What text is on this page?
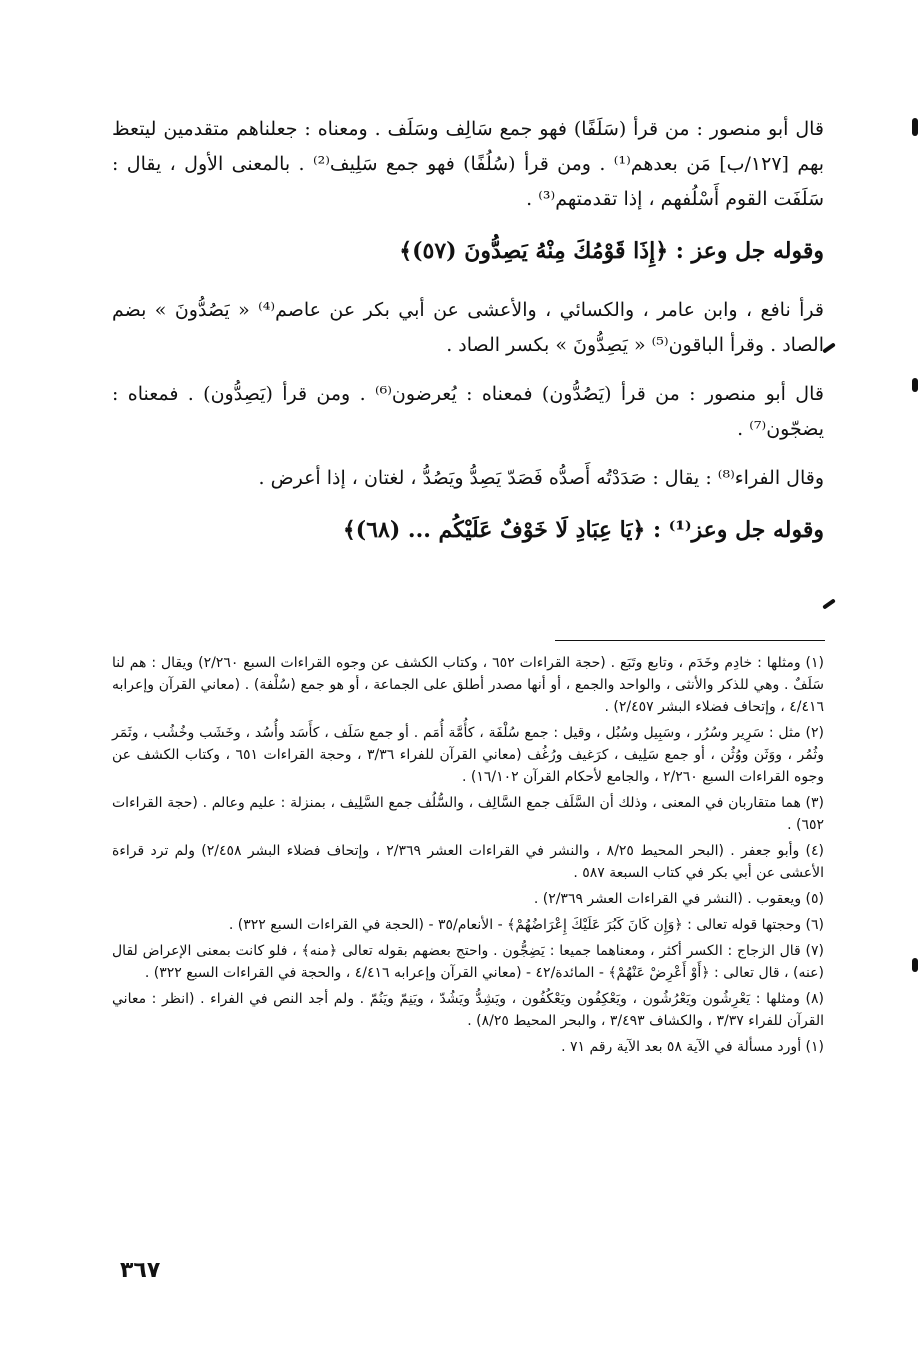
قال أبو منصور : من قرأ (سَلَفًا) فهو جمع سَالِف وسَلَف . ومعناه : جعلناهم متقدمين ليتعظ بهم [١٢٧/ب] مَن بعدهم⁽¹⁾ . ومن قرأ (سُلُفًا) فهو جمع سَلِيف⁽²⁾ . بالمعنى الأول ، يقال : سَلَفَت القوم أَسْلُفهم ، إذا تقدمتهم⁽³⁾ .

وقوله جل وعز : ﴿إِذَا قَوْمُكَ مِنْهُ يَصِدُّونَ (٥٧)﴾

قرأ نافع ، وابن عامر ، والكسائي ، والأعشى عن أبي بكر عن عاصم⁽⁴⁾ « يَصُدُّونَ » بضم الصاد . وقرأ الباقون⁽⁵⁾ « يَصِدُّونَ » بكسر الصاد .

قال أبو منصور : من قرأ (يَصُدُّون) فمعناه : يُعرضون⁽⁶⁾ . ومن قرأ (يَصِدُّون) . فمعناه : يضجّون⁽⁷⁾ .

وقال الفراء⁽⁸⁾ : يقال : صَدَدْتُه أَصدُّه فَصَدّ يَصِدُّ ويَصُدُّ ، لغتان ، إذا أعرض .

وقوله جل وعز⁽¹⁾ : ﴿يَا عِبَادِ لَا خَوْفٌ عَلَيْكُم ... (٦٨)﴾

(١) ومثلها : خادِم وخَدَم ، وتابع وتَبَع . (حجة القراءات ٦٥٢ ، وكتاب الكشف عن وجوه القراءات السبع ٢/٢٦٠) ويقال : هم لنا سَلَفٌ . وهي للذكر والأنثى ، والواحد والجمع ، أو أنها مصدر أطلق على الجماعة ، أو هو جمع (سُلْفة) . (معاني القرآن وإعرابه ٤/٤١٦ ، وإتحاف فضلاء البشر ٢/٤٥٧) .

(٢) مثل : سَرِير وسُرُر ، وسَبِيل وسُبُل ، وقيل : جمع سُلْفَة ، كأُمَّة أُمَم . أو جمع سَلَف ، كأَسَد وأُسُد ، وخَشَب وخُشُب ، وثَمَر وثُمُر ، ووَثَن ووُثُن ، أو جمع سَلِيف ، كرَغيف ورُغُف (معاني القرآن للفراء ٣/٣٦ ، وحجة القراءات ٦٥١ ، وكتاب الكشف عن وجوه القراءات السبع ٢/٢٦٠ ، والجامع لأحكام القرآن ١٦/١٠٢) .

(٣) هما متقاربان في المعنى ، وذلك أن السَّلَف جمع السَّالِف ، والسُّلُف جمع السَّلِيف ، بمنزلة : عليم وعالم . (حجة القراءات ٦٥٢) .

(٤) وأبو جعفر . (البحر المحيط ٨/٢٥ ، والنشر في القراءات العشر ٢/٣٦٩ ، وإتحاف فضلاء البشر ٢/٤٥٨) ولم ترد قراءة الأعشى عن أبي بكر في كتاب السبعة ٥٨٧ .

(٥) ويعقوب . (النشر في القراءات العشر ٢/٣٦٩) .

(٦) وحجتها قوله تعالى : ﴿وَإِن كَانَ كَبُرَ عَلَيْكَ إِعْرَاضُهُمْ﴾ - الأنعام/٣٥ - (الحجة في القراءات السبع ٣٢٢) .

(٧) قال الزجاج : الكسر أكثر ، ومعناهما جميعا : يَضِجُّون . واحتج بعضهم بقوله تعالى ﴿منه﴾ ، فلو كانت بمعنى الإعراض لقال (عنه) ، قال تعالى : ﴿أَوْ أَعْرِضْ عَنْهُمْ﴾ - المائدة/٤٢ - (معاني القرآن وإعرابه ٤/٤١٦ ، والحجة في القراءات السبع ٣٢٢) .

(٨) ومثلها : يَعْرِشُون ويَعْرُشُون ، ويَعْكِفُون ويَعْكُفُون ، ويَشِدُّ ويَشُدّ ، ويَنِمّ ويَنُمّ . ولم أجد النص في الفراء . (انظر : معاني القرآن للفراء ٣/٣٧ ، والكشاف ٣/٤٩٣ ، والبحر المحيط ٨/٢٥) .

(١) أورد مسألة في الآية ٥٨ بعد الآية رقم ٧١ .

٣٦٧
